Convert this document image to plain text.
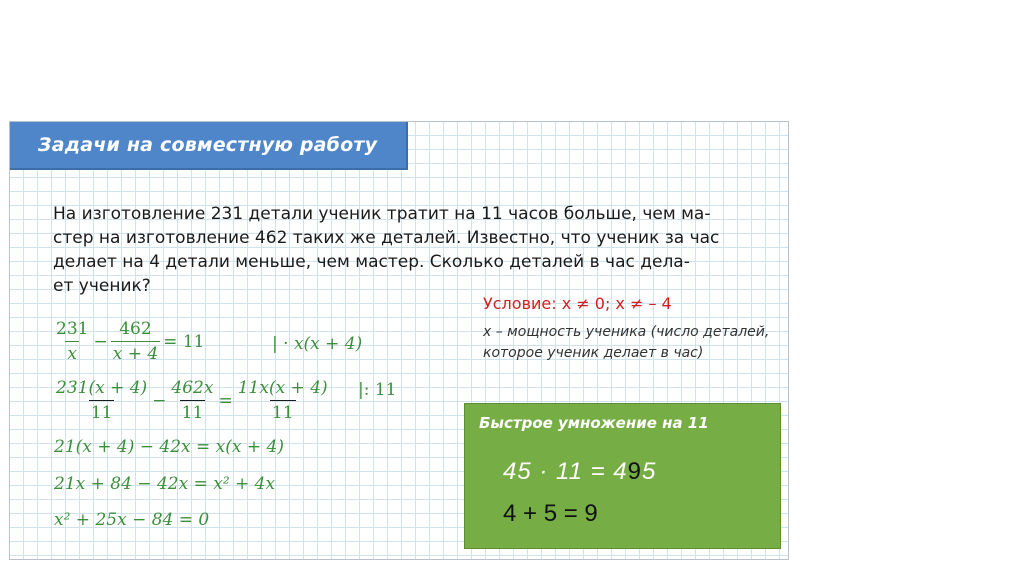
Задачи на совместную работу
На изготовление 231 детали ученик тратит на 11 часов больше, чем ма-
стер на изготовление 462 таких же деталей. Известно, что ученик за час
делает на 4 детали меньше, чем мастер. Сколько деталей в час дела-
ет ученик?
$\frac{231}{x} - \frac{462}{x + 4} = 11$	| · x(x + 4)
$\frac{231(x + 4)}{11} - \frac{462x}{11} = \frac{11x(x + 4)}{11}$ |: 11
21(x + 4) − 42x = x(x + 4)
21x + 84 − 42x = x² + 4x
x² + 25x − 84 = 0
Условие: x ≠ 0; x ≠ – 4
x – мощность ученика (число деталей, которое ученик делает в час)
Быстрое умножение на 11
45 · 11 = 495
4 + 5 = 9
